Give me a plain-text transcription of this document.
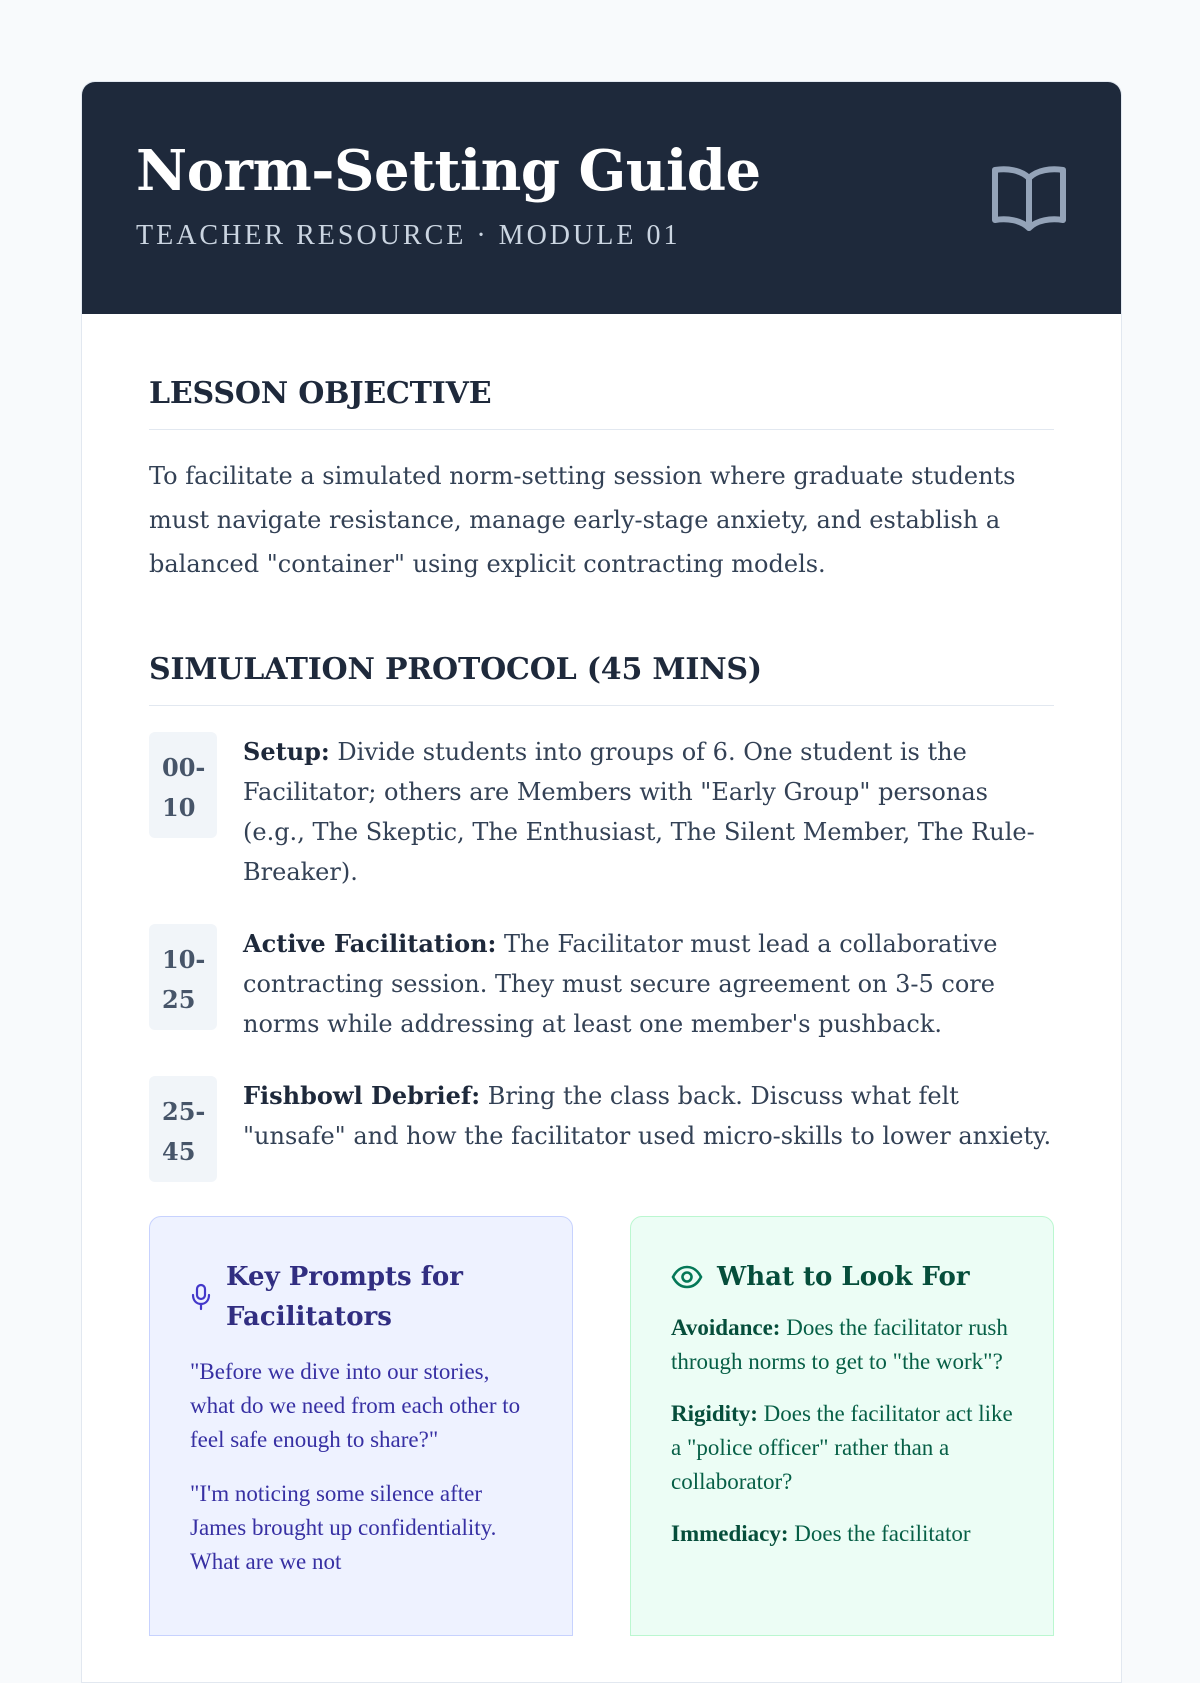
Norm-Setting Guide
TEACHER RESOURCE · MODULE 01
LESSON OBJECTIVE

To facilitate a simulated norm-setting session where graduate students must navigate resistance, manage early-stage anxiety, and establish a balanced "container" using explicit contracting models.

SIMULATION PROTOCOL (45 MINS)
00-
10
Setup: Divide students into groups of 6. One student is the Facilitator; others are Members with "Early Group" personas (e.g., The Skeptic, The Enthusiast, The Silent Member, The Rule-Breaker).
10-
25
Active Facilitation: The Facilitator must lead a collaborative contracting session. They must secure agreement on 3-5 core norms while addressing at least one member's pushback.
25-
45
Fishbowl Debrief: Bring the class back. Discuss what felt "unsafe" and how the facilitator used micro-skills to lower anxiety.
Key Prompts for Facilitators

"Before we dive into our stories, what do we need from each other to feel safe enough to share?"

"I'm noticing some silence after James brought up confidentiality. What are we not

What to Look For

Avoidance: Does the facilitator rush through norms to get to "the work"?

Rigidity: Does the facilitator act like a "police officer" rather than a collaborator?

Immediacy: Does the facilitator
